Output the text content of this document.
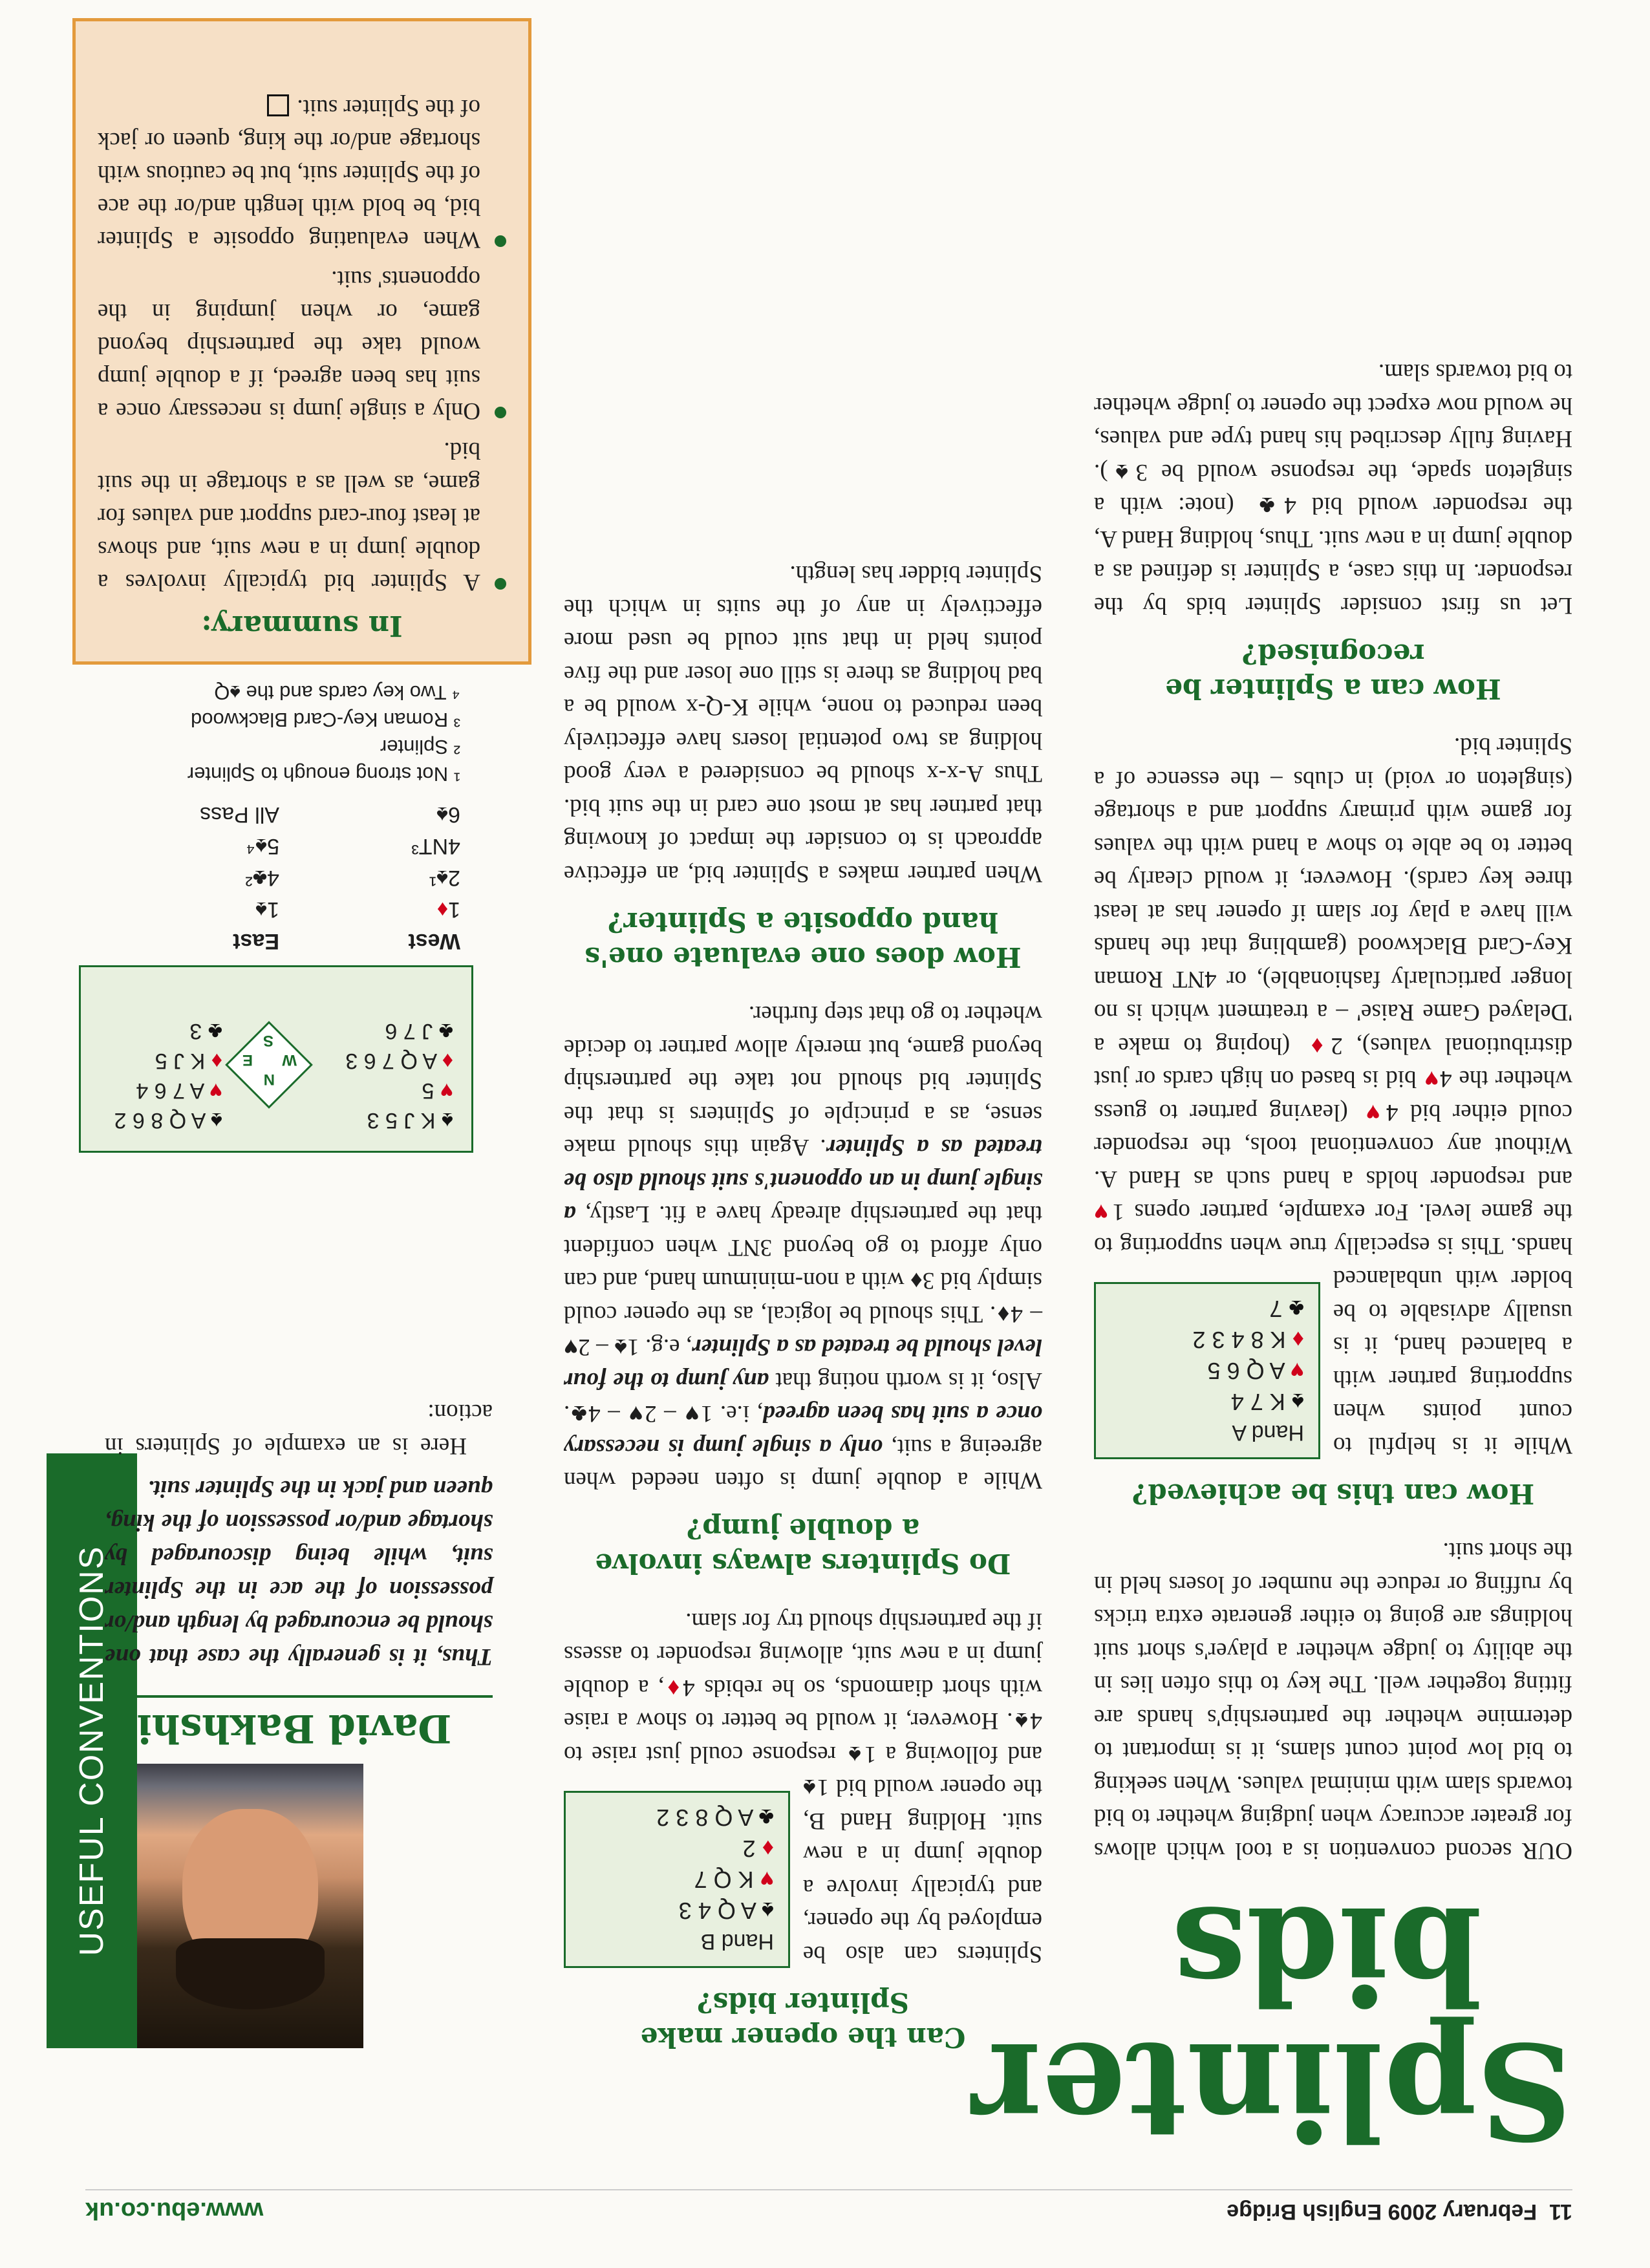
11  February 2009 English Bridge
www.ebu.co.uk
USEFUL CONVENTIONS David Bakhshi

Thus, it is generally the case that one should be encouraged by length and/or possession of the ace in the Splinter suit, while being discouraged by shortage and/or possession of the king, queen and jack in the Splinter suit.

Here is an example of Splinters in action:

♠ K J 5 3
♥ 5
♦ A Q 7 6 3
♣ J 7 6
N
S
W
E
♠ A Q 8 6 2
♥ A 7 6 4
♦ K J 5
♣ 3
West	East
1♦	1♠
2♠¹	4♣²
4NT³	5♠⁴
6♠	All Pass
¹ Not strong enough to Splinter
² Splinter
³ Roman Key-Card Blackwood
⁴ Two key cards and the ♠Q
In summary:
A Splinter bid typically involves a double jump in a new suit, and shows at least four-card support and values for game, as well as a shortage in the suit bid.
Only a single jump is necessary once a suit has been agreed, if a double jump would take the partnership beyond game, or when jumping in the opponents' suit.
When evaluating opposite a Splinter bid, be bold with length and/or the ace of the Splinter suit, but be cautious with shortage and/or the king, queen or jack of the Splinter suit.
Can the opener make
Splinter bids?
Hand B
♠ A Q 4 3
♥ K Q 7
♦ 2
♣ A Q 8 3 2

Splinters can also be employed by the opener, and typically involve a double jump in a new suit. Holding Hand B, the opener would bid 1♠ and following a 1♠ response could just raise to 4♠. However, it would be better to show a raise with short diamonds, so he rebids 4♦, a double jump in a new suit, allowing responder to assess if the partnership should try for slam.

Do Splinters always involve
a double jump?

While a double jump is often needed when agreeing a suit, only a single jump is necessary once a suit has been agreed, i.e. 1♥ – 2♥ – 4♣. Also, it is worth noting that any jump to the four level should be treated as a Splinter, e.g. 1♠ – 2♥ – 4♦. This should be logical, as the opener could simply bid 3♦ with a non-minimum hand, and can only afford to go beyond 3NT when confident that the partnership already have a fit. Lastly, a single jump in an opponent's suit should also be treated as a Splinter. Again this should make sense, as a principle of Splinters is that the Splinter bid should not take the partnership beyond game, but merely allow partner to decide whether to go that step further.

How does one evaluate one's
hand opposite a Splinter?

When partner makes a Splinter bid, an effective approach is to consider the impact of knowing that partner has at most one card in the suit bid. Thus A-x-x should be considered a very good holding as two potential losers have effectively been reduced to none, while K-Q-x would be a bad holding as there is still one loser and the five points held in that suit could be used more effectively in any of the suits in which the Splinter bidder has length.

Splinter
bids

OUR second convention is a tool which allows for greater accuracy when judging whether to bid towards slam with minimal values. When seeking to bid low point count slams, it is important to determine whether the partnership's hands are fitting together well. The key to this often lies in the ability to judge whether a player's short suit holdings are going to either generate extra tricks by ruffing or reduce the number of losers held in the short suit.

How can this be achieved?
Hand A
♠ K 7 4
♥ A Q 6 5
♦ K 8 4 3 2
♣ 7

While it is helpful to count points when supporting partner with a balanced hand, it is usually advisable to be bolder with unbalanced hands. This is especially true when supporting to the game level. For example, partner opens 1♥ and responder holds a hand such as Hand A. Without any conventional tools, the responder could either bid 4♥ (leaving partner to guess whether the 4♥ bid is based on high cards or just distributional values), 2♦ (hoping to make a 'Delayed Game Raise' – a treatment which is no longer particularly fashionable), or 4NT Roman Key-Card Blackwood (gambling that the hands will have a play for slam if opener has at least three key cards). However, it would clearly be better to be able to show a hand with the values for game with primary support and a shortage (singleton or void) in clubs – the essence of a Splinter bid.

How can a Splinter be
recognised?

Let us first consider Splinter bids by the responder. In this case, a Splinter is defined as a double jump in a new suit. Thus, holding Hand A, the responder would bid 4♣ (note: with a singleton spade, the response would be 3♠). Having fully described his hand type and values, he would now expect the opener to judge whether to bid towards slam.
